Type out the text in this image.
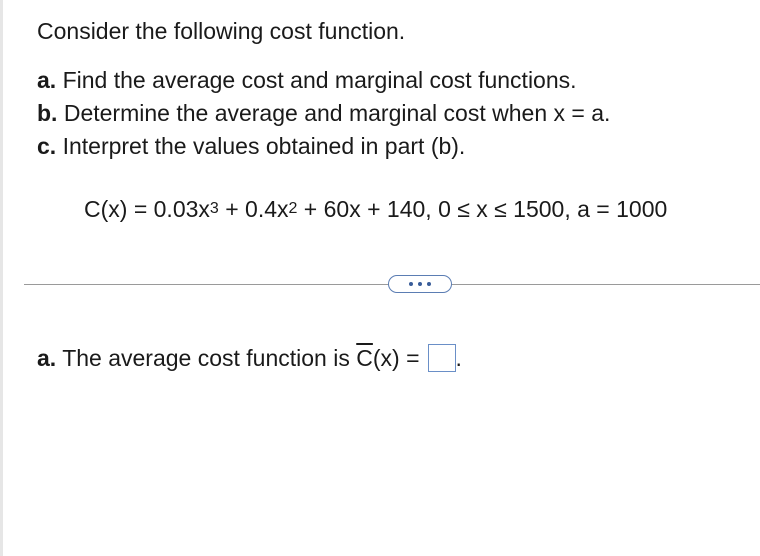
Consider the following cost function.
a. Find the average cost and marginal cost functions.
b. Determine the average and marginal cost when x = a.
c. Interpret the values obtained in part (b).
$C(x) = 0.03x^3 + 0.4x^2 + 60x + 140$, 0 ≤ x ≤ 1500, a = 1000
a. The average cost function is $\overline{C}$ (x) = .
